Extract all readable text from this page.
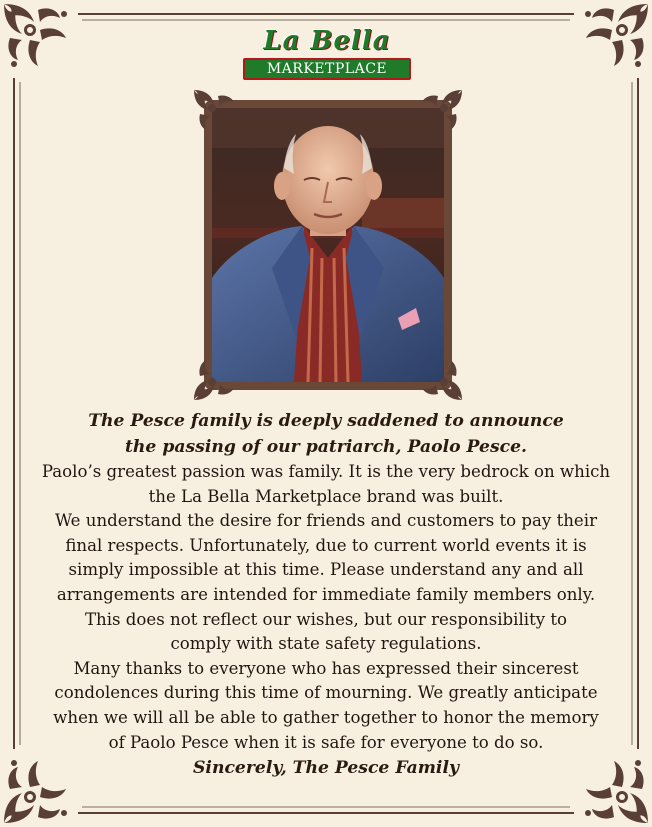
La Bella
MARKETPLACE

The Pesce family is deeply saddened to announce

the passing of our patriarch, Paolo Pesce.

Paolo’s greatest passion was family. It is the very bedrock on which

the La Bella Marketplace brand was built.

We understand the desire for friends and customers to pay their

final respects. Unfortunately, due to current world events it is

simply impossible at this time. Please understand any and all

arrangements are intended for immediate family members only.

This does not reflect our wishes, but our responsibility to

comply with state safety regulations.

Many thanks to everyone who has expressed their sincerest

condolences during this time of mourning. We greatly anticipate

when we will all be able to gather together to honor the memory

of Paolo Pesce when it is safe for everyone to do so.

Sincerely, The Pesce Family
